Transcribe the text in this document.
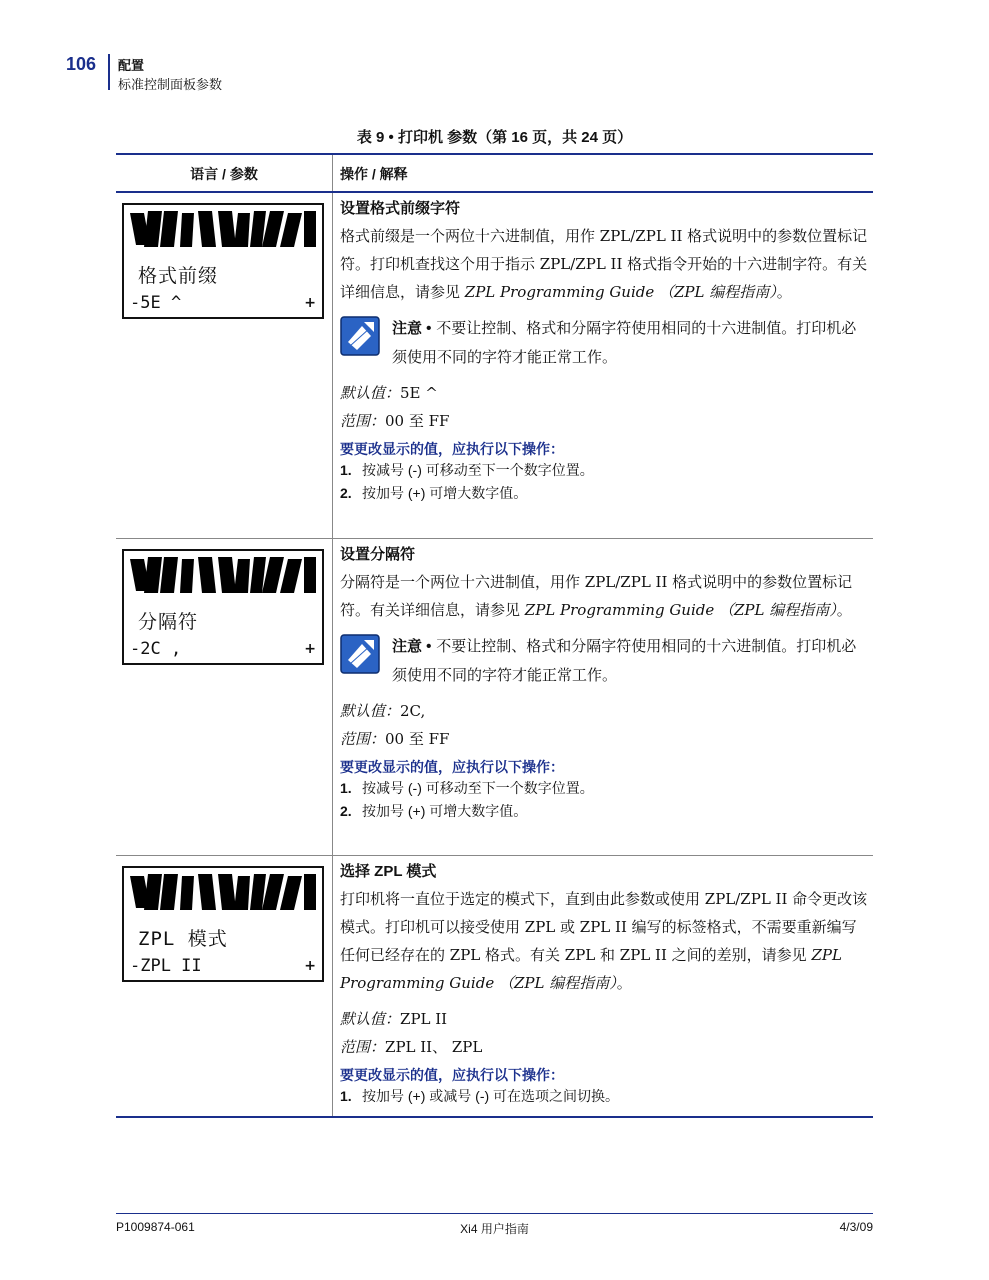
106 配置
标准控制面板参数
表 9 • 打印机 参数（第 16 页，共 24 页）
语言 / 参数	操作 / 解释
格式前缀
-5E ^	+
设置格式前缀字符
格式前缀是一个两位十六进制值，用作 ZPL/ZPL II 格式说明中的参数位置标记符。打印机查找这个用于指示 ZPL/ZPL II 格式指令开始的十六进制字符。有关详细信息，请参见 ZPL Programming Guide （ZPL 编程指南）。
注意 • 不要让控制、格式和分隔字符使用相同的十六进制值。打印机必须使用不同的字符才能正常工作。
默认值：5E ^
范围：00 至 FF
要更改显示的值，应执行以下操作：
1. 按减号 (-) 可移动至下一个数字位置。
2. 按加号 (+) 可增大数字值。
分隔符
-2C ,	+
设置分隔符
分隔符是一个两位十六进制值，用作 ZPL/ZPL II 格式说明中的参数位置标记符。有关详细信息，请参见 ZPL Programming Guide （ZPL 编程指南）。
注意 • 不要让控制、格式和分隔字符使用相同的十六进制值。打印机必须使用不同的字符才能正常工作。
默认值：2C,
范围：00 至 FF
要更改显示的值，应执行以下操作：
1. 按减号 (-) 可移动至下一个数字位置。
2. 按加号 (+) 可增大数字值。
ZPL 模式
-ZPL II	+
选择 ZPL 模式
打印机将一直位于选定的模式下，直到由此参数或使用 ZPL/ZPL II 命令更改该模式。打印机可以接受使用 ZPL 或 ZPL II 编写的标签格式，不需要重新编写任何已经存在的 ZPL 格式。有关 ZPL 和 ZPL II 之间的差别，请参见 ZPL Programming Guide （ZPL 编程指南）。
默认值：ZPL II
范围：ZPL II、 ZPL
要更改显示的值，应执行以下操作：
1. 按加号 (+) 或减号 (-) 可在选项之间切换。
P1009874-061	Xi4 用户指南	4/3/09
